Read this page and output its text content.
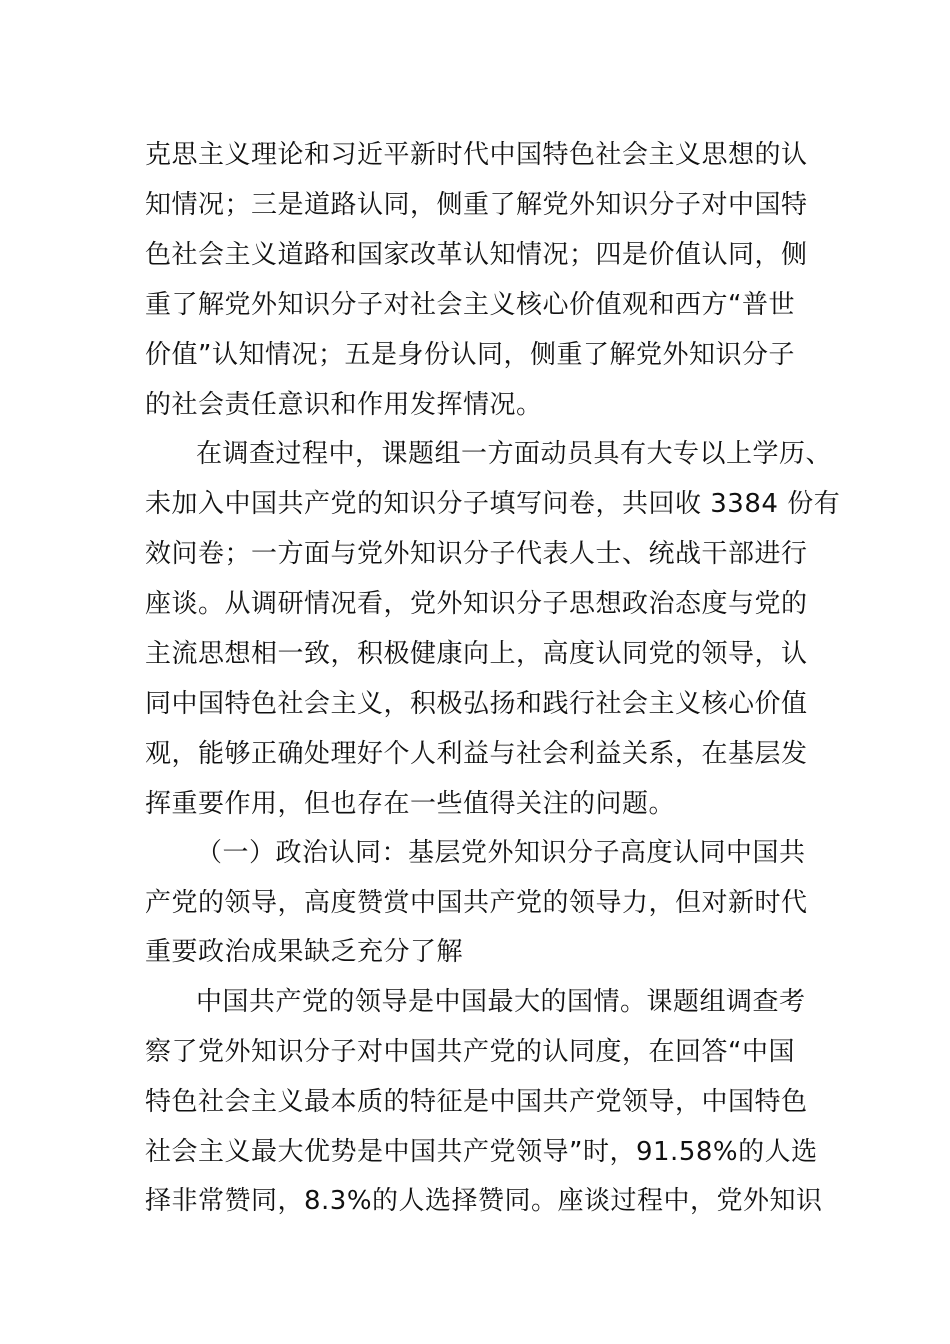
克思主义理论和习近平新时代中国特色社会主义思想的认
知情况；三是道路认同，侧重了解党外知识分子对中国特
色社会主义道路和国家改革认知情况；四是价值认同，侧
重了解党外知识分子对社会主义核心价值观和西方“普世
价值”认知情况；五是身份认同，侧重了解党外知识分子
的社会责任意识和作用发挥情况。
在调查过程中，课题组一方面动员具有大专以上学历、
未加入中国共产党的知识分子填写问卷，共回收 3384 份有
效问卷；一方面与党外知识分子代表人士、统战干部进行
座谈。从调研情况看，党外知识分子思想政治态度与党的
主流思想相一致，积极健康向上，高度认同党的领导，认
同中国特色社会主义，积极弘扬和践行社会主义核心价值
观，能够正确处理好个人利益与社会利益关系，在基层发
挥重要作用，但也存在一些值得关注的问题。
（一）政治认同：基层党外知识分子高度认同中国共
产党的领导，高度赞赏中国共产党的领导力，但对新时代
重要政治成果缺乏充分了解
中国共产党的领导是中国最大的国情。课题组调查考
察了党外知识分子对中国共产党的认同度，在回答“中国
特色社会主义最本质的特征是中国共产党领导，中国特色
社会主义最大优势是中国共产党领导”时，91.58%的人选
择非常赞同，8.3%的人选择赞同。座谈过程中，党外知识
